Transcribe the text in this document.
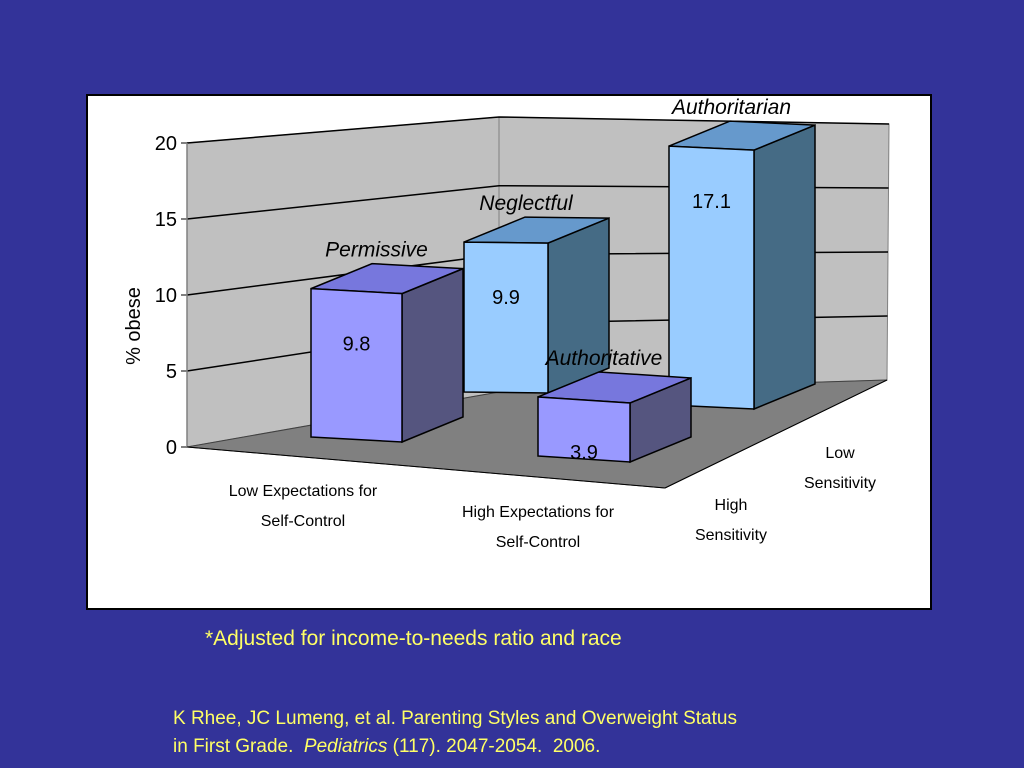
0
5
10
15
20
% obese
Low Expectations for
Self-Control
High Expectations for
Self-Control
Low
Sensitivity
High
Sensitivity
9.9
Neglectful	17.1
Authoritarian
9.8
Permissive
3.9
Authoritative
*Adjusted for income-to-needs ratio and race
K Rhee, JC Lumeng, et al. Parenting Styles and Overweight Status
in First Grade.  Pediatrics (117). 2047-2054.  2006.
